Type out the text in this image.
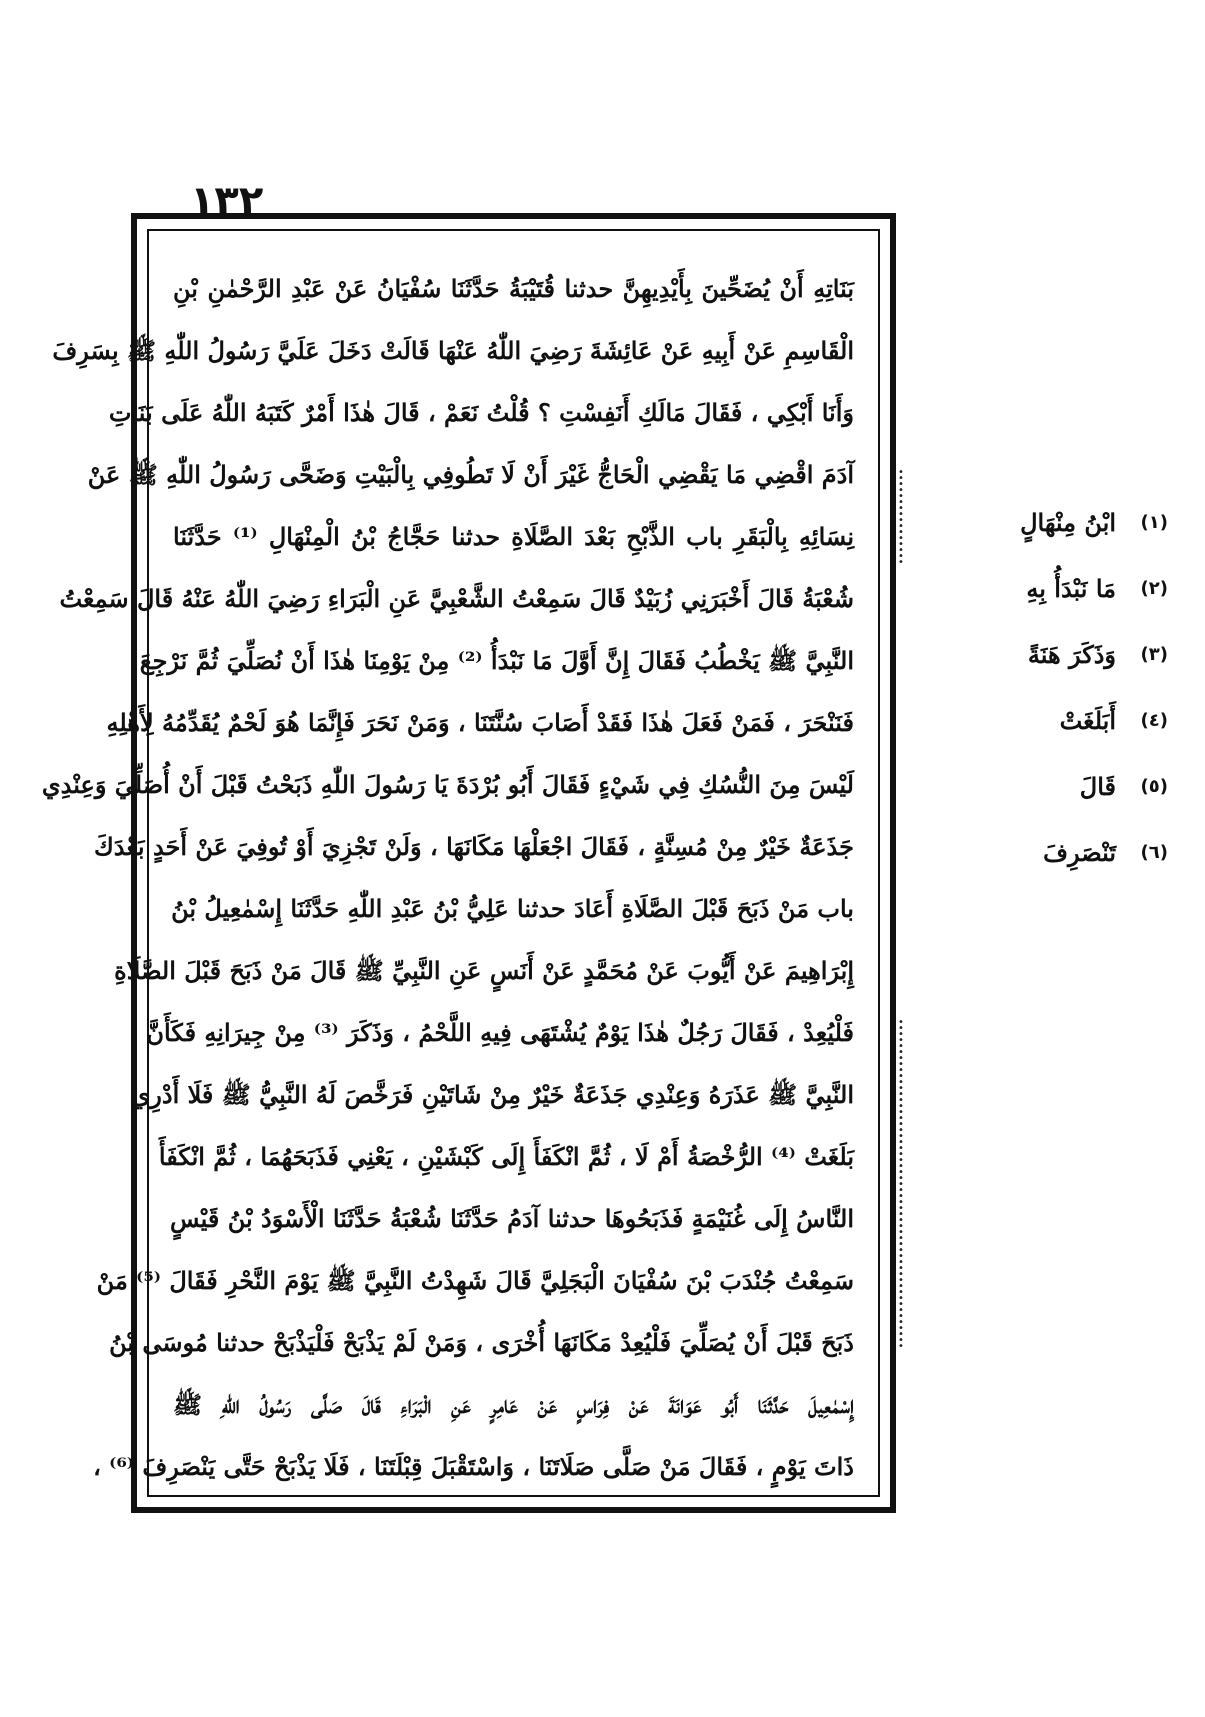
١٣٢
بَنَاتِهِ أَنْ يُضَحِّينَ بِأَيْدِيهِنَّ حدثنا قُتَيْبَةُ حَدَّثَنَا سُفْيَانُ عَنْ عَبْدِ الرَّحْمٰنِ بْنِ
الْقَاسِمِ عَنْ أَبِيهِ عَنْ عَائِشَةَ رَضِيَ اللّٰهُ عَنْهَا قَالَتْ دَخَلَ عَلَيَّ رَسُولُ اللّٰهِ ﷺ بِسَرِفَ
وَأَنَا أَبْكِي ، فَقَالَ مَالَكِ أَنَفِسْتِ ؟ قُلْتُ نَعَمْ ، قَالَ هٰذَا أَمْرٌ كَتَبَهُ اللّٰهُ عَلَى بَنَاتِ
آدَمَ اقْضِي مَا يَقْضِي الْحَاجُّ غَيْرَ أَنْ لَا تَطُوفِي بِالْبَيْتِ وَضَحَّى رَسُولُ اللّٰهِ ﷺ عَنْ
نِسَائِهِ بِالْبَقَرِ باب الذَّبْحِ بَعْدَ الصَّلَاةِ حدثنا حَجَّاجُ بْنُ الْمِنْهَالِ ⁽¹⁾ حَدَّثَنَا
شُعْبَةُ قَالَ أَخْبَرَنِي زُبَيْدٌ قَالَ سَمِعْتُ الشَّعْبِيَّ عَنِ الْبَرَاءِ رَضِيَ اللّٰهُ عَنْهُ قَالَ سَمِعْتُ
النَّبِيَّ ﷺ يَخْطُبُ فَقَالَ إِنَّ أَوَّلَ مَا نَبْدَأُ ⁽²⁾ مِنْ يَوْمِنَا هٰذَا أَنْ نُصَلِّيَ ثُمَّ نَرْجِعَ
فَنَنْحَرَ ، فَمَنْ فَعَلَ هٰذَا فَقَدْ أَصَابَ سُنَّتَنَا ، وَمَنْ نَحَرَ فَإِنَّمَا هُوَ لَحْمٌ يُقَدِّمُهُ لِأَهْلِهِ
لَيْسَ مِنَ النُّسُكِ فِي شَيْءٍ فَقَالَ أَبُو بُرْدَةَ يَا رَسُولَ اللّٰهِ ذَبَحْتُ قَبْلَ أَنْ أُصَلِّيَ وَعِنْدِي
جَذَعَةٌ خَيْرٌ مِنْ مُسِنَّةٍ ، فَقَالَ اجْعَلْهَا مَكَانَهَا ، وَلَنْ تَجْزِيَ أَوْ تُوفِيَ عَنْ أَحَدٍ بَعْدَكَ
باب مَنْ ذَبَحَ قَبْلَ الصَّلَاةِ أَعَادَ حدثنا عَلِيُّ بْنُ عَبْدِ اللّٰهِ حَدَّثَنَا إِسْمٰعِيلُ بْنُ
إِبْرَاهِيمَ عَنْ أَيُّوبَ عَنْ مُحَمَّدٍ عَنْ أَنَسٍ عَنِ النَّبِيِّ ﷺ قَالَ مَنْ ذَبَحَ قَبْلَ الصَّلَاةِ
فَلْيُعِدْ ، فَقَالَ رَجُلٌ هٰذَا يَوْمٌ يُشْتَهَى فِيهِ اللَّحْمُ ، وَذَكَرَ ⁽³⁾ مِنْ جِيرَانِهِ فَكَأَنَّ
النَّبِيَّ ﷺ عَذَرَهُ وَعِنْدِي جَذَعَةٌ خَيْرٌ مِنْ شَاتَيْنِ فَرَخَّصَ لَهُ النَّبِيُّ ﷺ فَلَا أَدْرِي
بَلَغَتْ ⁽⁴⁾ الرُّخْصَةُ أَمْ لَا ، ثُمَّ انْكَفَأَ إِلَى كَبْشَيْنِ ، يَعْنِي فَذَبَحَهُمَا ، ثُمَّ انْكَفَأَ
النَّاسُ إِلَى غُنَيْمَةٍ فَذَبَحُوهَا حدثنا آدَمُ حَدَّثَنَا شُعْبَةُ حَدَّثَنَا الْأَسْوَدُ بْنُ قَيْسٍ
سَمِعْتُ جُنْدَبَ بْنَ سُفْيَانَ الْبَجَلِيَّ قَالَ شَهِدْتُ النَّبِيَّ ﷺ يَوْمَ النَّحْرِ فَقَالَ ⁽⁵⁾ مَنْ
ذَبَحَ قَبْلَ أَنْ يُصَلِّيَ فَلْيُعِدْ مَكَانَهَا أُخْرَى ، وَمَنْ لَمْ يَذْبَحْ فَلْيَذْبَحْ حدثنا مُوسَى بْنُ
إِسْمٰعِيلَ حَدَّثَنَا أَبُو عَوَانَةَ عَنْ فِرَاسٍ عَنْ عَامِرٍ عَنِ الْبَرَاءِ قَالَ صَلَّى رَسُولُ اللّٰهِ ﷺ
ذَاتَ يَوْمٍ ، فَقَالَ مَنْ صَلَّى صَلَاتَنَا ، وَاسْتَقْبَلَ قِبْلَتَنَا ، فَلَا يَذْبَحْ حَتَّى يَنْصَرِفَ ⁽⁶⁾ ،
••••••••••••••••
•••••••••••••••••••••••••••••••••••••••••••••••••••••••
ابْنُ مِنْهَالٍ	(١)
مَا نَبْدَأُ بِهِ	(٢)
وَذَكَرَ هَنَةً	(٣)
أَبَلَغَتْ	(٤)
قَالَ	(٥)
تَنْصَرِفَ	(٦)
